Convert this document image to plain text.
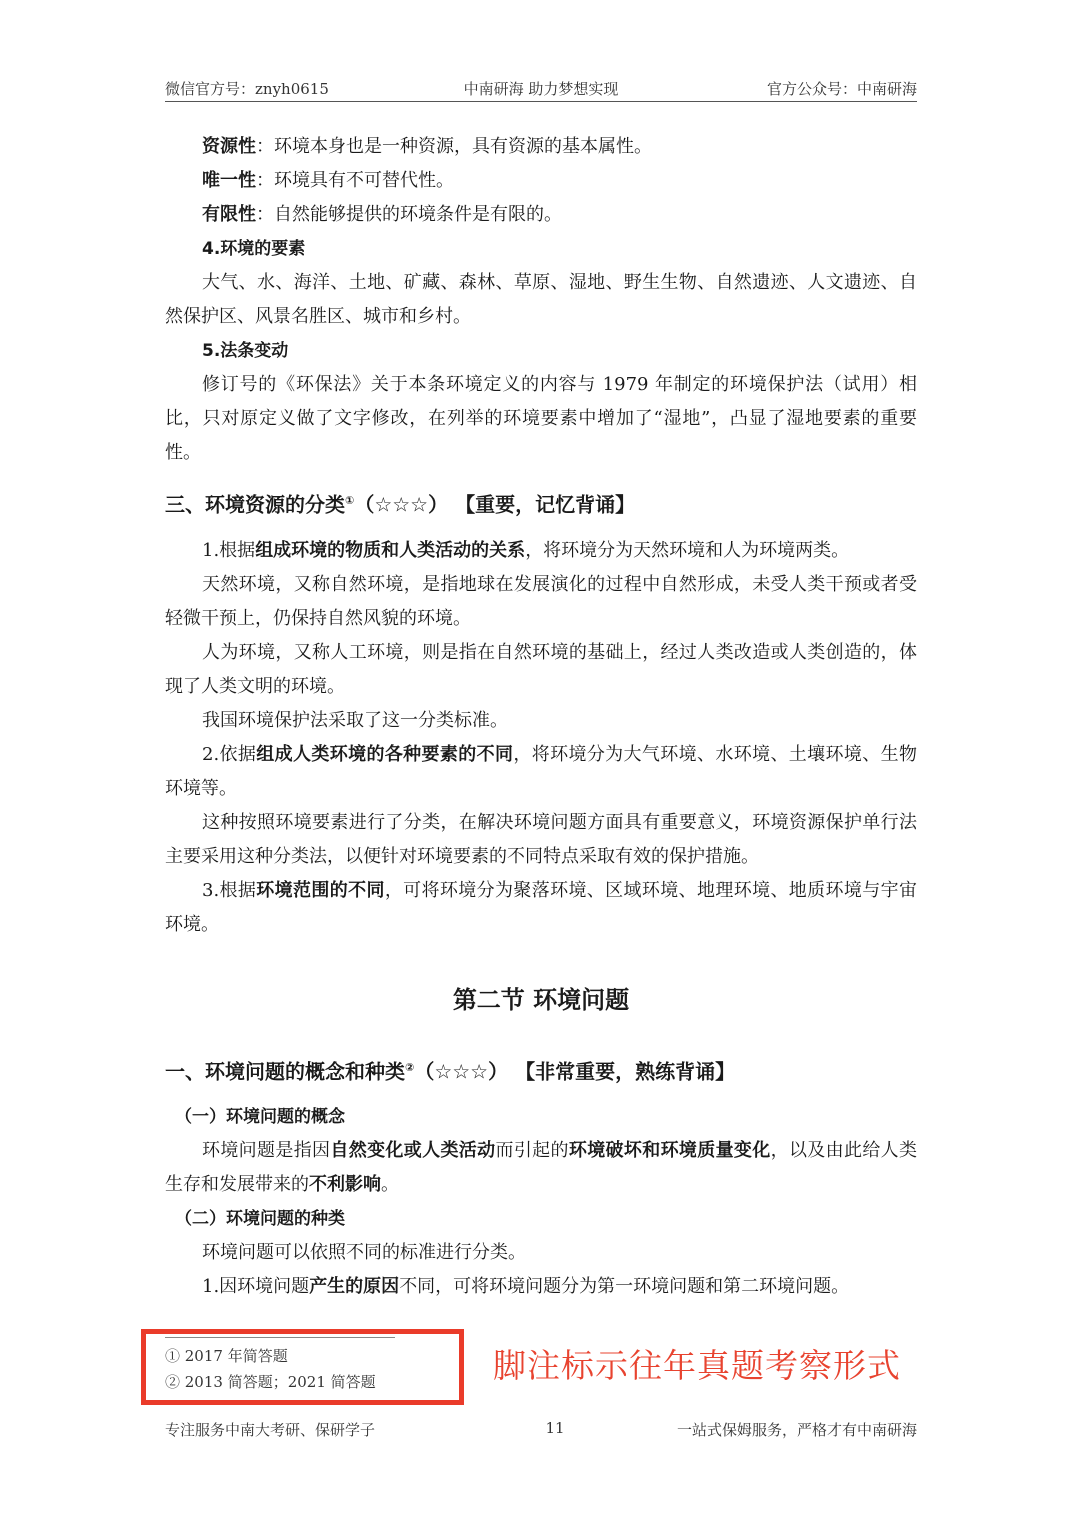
微信官方号：znyh0615	中南研海 助力梦想实现	官方公众号：中南研海

资源性：环境本身也是一种资源，具有资源的基本属性。

唯一性：环境具有不可替代性。

有限性：自然能够提供的环境条件是有限的。

4.环境的要素

大气、水、海洋、土地、矿藏、森林、草原、湿地、野生生物、自然遗迹、人文遗迹、自然保护区、风景名胜区、城市和乡村。

5.法条变动

修订号的《环保法》关于本条环境定义的内容与 1979 年制定的环境保护法（试用）相比，只对原定义做了文字修改，在列举的环境要素中增加了“湿地”，凸显了湿地要素的重要性。

三、环境资源的分类①（☆☆☆） 【重要，记忆背诵】

1.根据组成环境的物质和人类活动的关系，将环境分为天然环境和人为环境两类。

天然环境，又称自然环境，是指地球在发展演化的过程中自然形成，未受人类干预或者受轻微干预上，仍保持自然风貌的环境。

人为环境，又称人工环境，则是指在自然环境的基础上，经过人类改造或人类创造的，体现了人类文明的环境。

我国环境保护法采取了这一分类标准。

2.依据组成人类环境的各种要素的不同，将环境分为大气环境、水环境、土壤环境、生物环境等。

这种按照环境要素进行了分类，在解决环境问题方面具有重要意义，环境资源保护单行法主要采用这种分类法，以便针对环境要素的不同特点采取有效的保护措施。

3.根据环境范围的不同，可将环境分为聚落环境、区域环境、地理环境、地质环境与宇宙环境。

第二节 环境问题
一、环境问题的概念和种类②（☆☆☆） 【非常重要，熟练背诵】
（一）环境问题的概念

环境问题是指因自然变化或人类活动而引起的环境破坏和环境质量变化，以及由此给人类生存和发展带来的不利影响。

（二）环境问题的种类

环境问题可以依照不同的标准进行分类。

1.因环境问题产生的原因不同，可将环境问题分为第一环境问题和第二环境问题。

① 2017 年简答题
② 2013 简答题；2021 简答题	脚注标示往年真题考察形式
专注服务中南大考研、保研学子	11	一站式保姆服务，严格才有中南研海
